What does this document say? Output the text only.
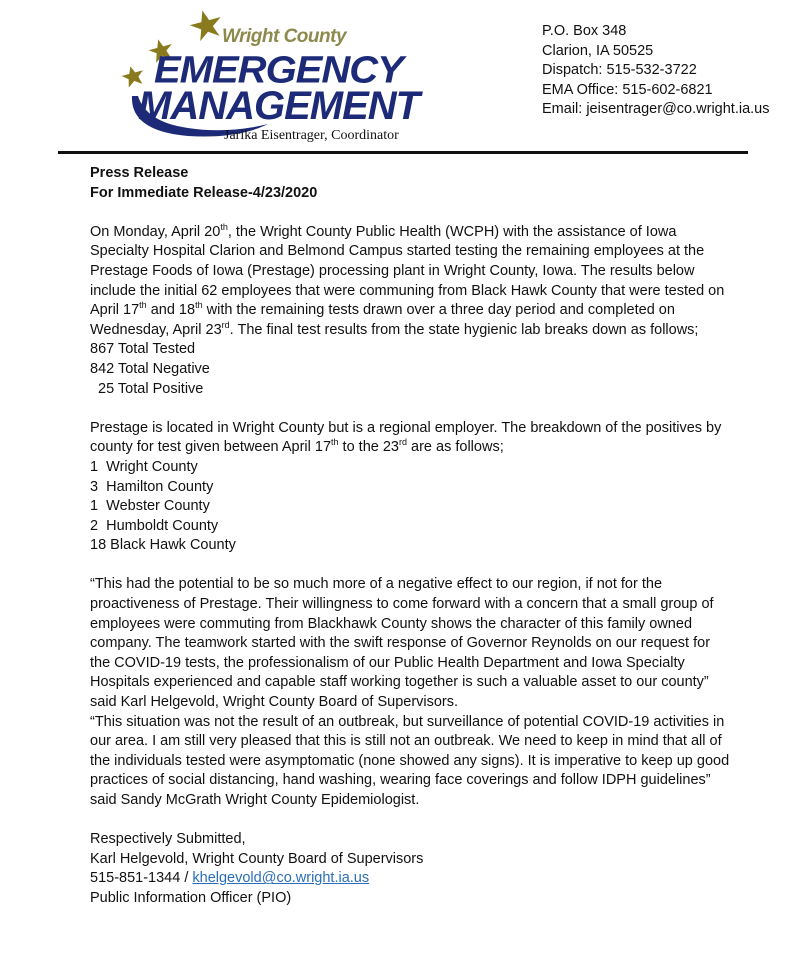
Wright County
EMERGENCY
MANAGEMENT
Jarika Eisentrager, Coordinator
P.O. Box 348
Clarion, IA 50525
Dispatch: 515-532-3722
EMA Office: 515-602-6821
Email: jeisentrager@co.wright.ia.us

Press Release

For Immediate Release-4/23/2020

On Monday, April 20th, the Wright County Public Health (WCPH) with the assistance of Iowa Specialty Hospital Clarion and Belmond Campus started testing the remaining employees at the Prestage Foods of Iowa (Prestage) processing plant in Wright County, Iowa. The results below include the initial 62 employees that were communing from Black Hawk County that were tested on April 17th and 18th with the remaining tests drawn over a three day period and completed on Wednesday, April 23rd. The final test results from the state hygienic lab breaks down as follows;

867 Total Tested

842 Total Negative

25 Total Positive

Prestage is located in Wright County but is a regional employer. The breakdown of the positives by county for test given between April 17th to the 23rd are as follows;

1 Wright County

3 Hamilton County

1 Webster County

2 Humboldt County

18 Black Hawk County

“This had the potential to be so much more of a negative effect to our region, if not for the proactiveness of Prestage. Their willingness to come forward with a concern that a small group of employees were commuting from Blackhawk County shows the character of this family owned company. The teamwork started with the swift response of Governor Reynolds on our request for the COVID-19 tests, the professionalism of our Public Health Department and Iowa Specialty Hospitals experienced and capable staff working together is such a valuable asset to our county” said Karl Helgevold, Wright County Board of Supervisors.

“This situation was not the result of an outbreak, but surveillance of potential COVID-19 activities in our area. I am still very pleased that this is still not an outbreak. We need to keep in mind that all of the individuals tested were asymptomatic (none showed any signs). It is imperative to keep up good practices of social distancing, hand washing, wearing face coverings and follow IDPH guidelines” said Sandy McGrath Wright County Epidemiologist.

Respectively Submitted,

Karl Helgevold, Wright County Board of Supervisors

515-851-1344 / khelgevold@co.wright.ia.us

Public Information Officer (PIO)
